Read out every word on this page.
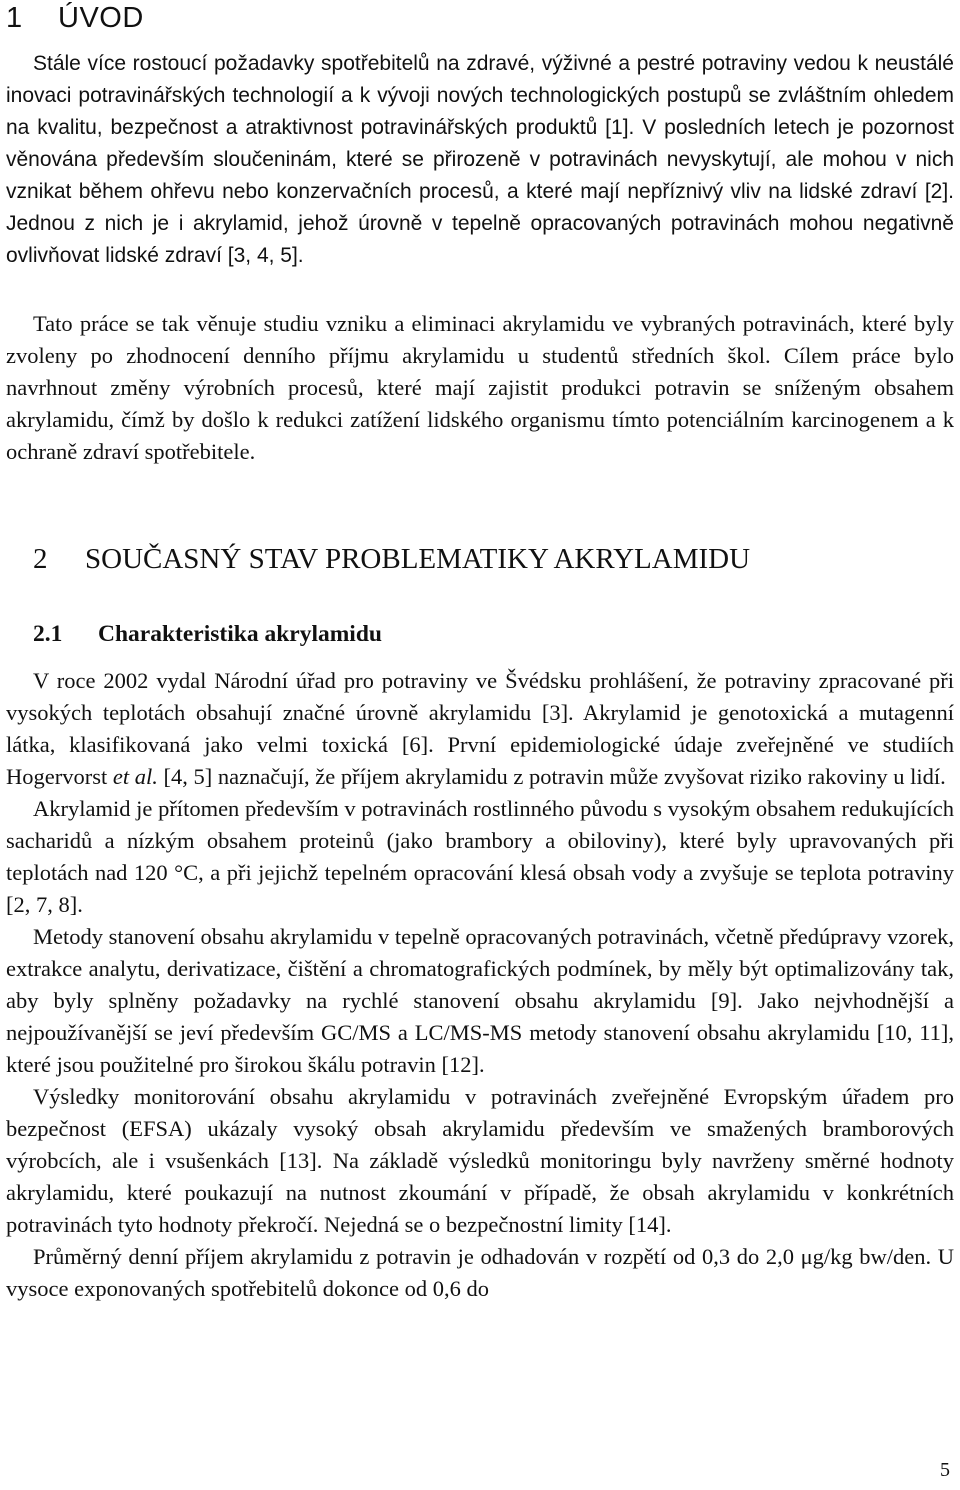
1 ÚVOD

Stále více rostoucí požadavky spotřebitelů na zdravé, výživné a pestré potraviny vedou k neustálé inovaci potravinářských technologií a k vývoji nových technologických postupů se zvláštním ohledem na kvalitu, bezpečnost a atraktivnost potravinářských produktů [1]. V posledních letech je pozornost věnována především sloučeninám, které se přirozeně v potravinách nevyskytují, ale mohou v nich vznikat během ohřevu nebo konzervačních procesů, a které mají nepříznivý vliv na lidské zdraví [2]. Jednou z nich je i akrylamid, jehož úrovně v tepelně opracovaných potravinách mohou negativně ovlivňovat lidské zdraví [3, 4, 5].

Tato práce se tak věnuje studiu vzniku a eliminaci akrylamidu ve vybraných potravinách, které byly zvoleny po zhodnocení denního příjmu akrylamidu u studentů středních škol. Cílem práce bylo navrhnout změny výrobních procesů, které mají zajistit produkci potravin se sníženým obsahem akrylamidu, čímž by došlo k redukci zatížení lidského organismu tímto potenciálním karcinogenem a k ochraně zdraví spotřebitele.

2 SOUČASNÝ STAV PROBLEMATIKY AKRYLAMIDU
2.1 Charakteristika akrylamidu

V roce 2002 vydal Národní úřad pro potraviny ve Švédsku prohlášení, že potraviny zpracované při vysokých teplotách obsahují značné úrovně akrylamidu [3]. Akrylamid je genotoxická a mutagenní látka, klasifikovaná jako velmi toxická [6]. První epidemiologické údaje zveřejněné ve studiích Hogervorst et al. [4, 5] naznačují, že příjem akrylamidu z potravin může zvyšovat riziko rakoviny u lidí.

Akrylamid je přítomen především v potravinách rostlinného původu s vysokým obsahem redukujících sacharidů a nízkým obsahem proteinů (jako brambory a obiloviny), které byly upravovaných při teplotách nad 120 °C, a při jejichž tepelném opracování klesá obsah vody a zvyšuje se teplota potraviny [2, 7, 8].

Metody stanovení obsahu akrylamidu v tepelně opracovaných potravinách, včetně předúpravy vzorek, extrakce analytu, derivatizace, čištění a chromatografických podmínek, by měly být optimalizovány tak, aby byly splněny požadavky na rychlé stanovení obsahu akrylamidu [9]. Jako nejvhodnější a nejpoužívanější se jeví především GC/MS a LC/MS-MS metody stanovení obsahu akrylamidu [10, 11], které jsou použitelné pro širokou škálu potravin [12].

Výsledky monitorování obsahu akrylamidu v potravinách zveřejněné Evropským úřadem pro bezpečnost (EFSA) ukázaly vysoký obsah akrylamidu především ve smažených bramborových výrobcích, ale i vsušenkách [13]. Na základě výsledků monitoringu byly navrženy směrné hodnoty akrylamidu, které poukazují na nutnost zkoumání v případě, že obsah akrylamidu v konkrétních potravinách tyto hodnoty překročí. Nejedná se o bezpečnostní limity [14].

Průměrný denní příjem akrylamidu z potravin je odhadován v rozpětí od 0,3 do 2,0 μg/kg bw/den. U vysoce exponovaných spotřebitelů dokonce od 0,6 do

5
